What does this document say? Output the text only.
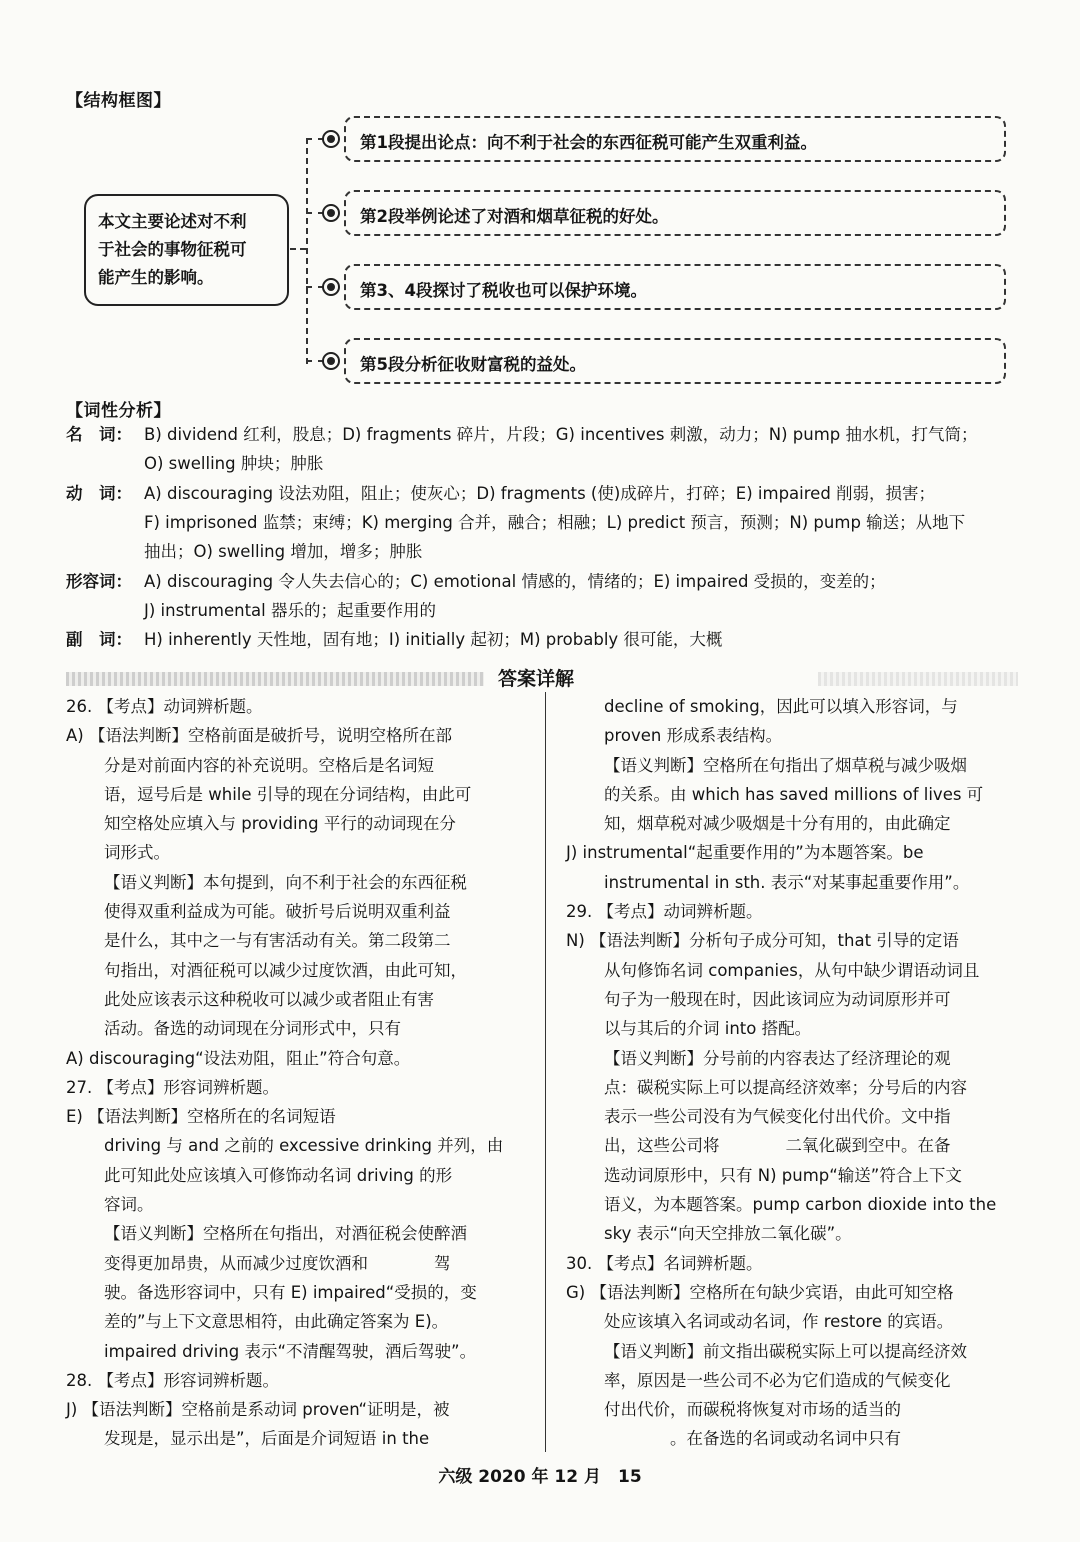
【结构框图】
本文主要论述对不利
于社会的事物征税可
能产生的影响。
第1段提出论点：向不利于社会的东西征税可能产生双重利益。
第2段举例论述了对酒和烟草征税的好处。
第3、4段探讨了税收也可以保护环境。
第5段分析征收财富税的益处。
【词性分析】
名　词： B) dividend 红利，股息；D) fragments 碎片，片段；G) incentives 刺激，动力；N) pump 抽水机，打气筒；
O) swelling 肿块；肿胀
动　词： A) discouraging 设法劝阻，阻止；使灰心；D) fragments (使)成碎片，打碎；E) impaired 削弱，损害；
F) imprisoned 监禁；束缚；K) merging 合并，融合；相融；L) predict 预言，预测；N) pump 输送；从地下
抽出；O) swelling 增加，增多；肿胀
形容词： A) discouraging 令人失去信心的；C) emotional 情感的，情绪的；E) impaired 受损的，变差的；
J) instrumental 器乐的；起重要作用的
副　词： H) inherently 天性地，固有地；I) initially 起初；M) probably 很可能，大概
答案详解
26. 【考点】动词辨析题。
A) 【语法判断】空格前面是破折号，说明空格所在部
分是对前面内容的补充说明。空格后是名词短
语，逗号后是 while 引导的现在分词结构，由此可
知空格处应填入与 providing 平行的动词现在分
词形式。
【语义判断】本句提到，向不利于社会的东西征税
使得双重利益成为可能。破折号后说明双重利益
是什么，其中之一与有害活动有关。第二段第二
句指出，对酒征税可以减少过度饮酒，由此可知，
此处应该表示这种税收可以减少或者阻止有害
活动。备选的动词现在分词形式中，只有
A) discouraging“设法劝阻，阻止”符合句意。
27. 【考点】形容词辨析题。
E) 【语法判断】空格所在的名词短语
driving 与 and 之前的 excessive drinking 并列，由
此可知此处应该填入可修饰动名词 driving 的形
容词。
【语义判断】空格所在句指出，对酒征税会使醉酒
变得更加昂贵，从而减少过度饮酒和　　　　驾
驶。备选形容词中，只有 E) impaired“受损的，变
差的”与上下文意思相符，由此确定答案为 E)。
impaired driving 表示“不清醒驾驶，酒后驾驶”。
28. 【考点】形容词辨析题。
J) 【语法判断】空格前是系动词 proven“证明是，被
发现是，显示出是”，后面是介词短语 in the
decline of smoking，因此可以填入形容词，与
proven 形成系表结构。
【语义判断】空格所在句指出了烟草税与减少吸烟
的关系。由 which has saved millions of lives 可
知，烟草税对减少吸烟是十分有用的，由此确定
J) instrumental“起重要作用的”为本题答案。be
instrumental in sth. 表示“对某事起重要作用”。
29. 【考点】动词辨析题。
N) 【语法判断】分析句子成分可知，that 引导的定语
从句修饰名词 companies，从句中缺少谓语动词且
句子为一般现在时，因此该词应为动词原形并可
以与其后的介词 into 搭配。
【语义判断】分号前的内容表达了经济理论的观
点：碳税实际上可以提高经济效率；分号后的内容
表示一些公司没有为气候变化付出代价。文中指
出，这些公司将　　　　二氧化碳到空中。在备
选动词原形中，只有 N) pump“输送”符合上下文
语义，为本题答案。pump carbon dioxide into the
sky 表示“向天空排放二氧化碳”。
30. 【考点】名词辨析题。
G) 【语法判断】空格所在句缺少宾语，由此可知空格
处应该填入名词或动名词，作 restore 的宾语。
【语义判断】前文指出碳税实际上可以提高经济效
率，原因是一些公司不必为它们造成的气候变化
付出代价，而碳税将恢复对市场的适当的
　　　　。在备选的名词或动名词中只有
六级 2020 年 12 月　15
